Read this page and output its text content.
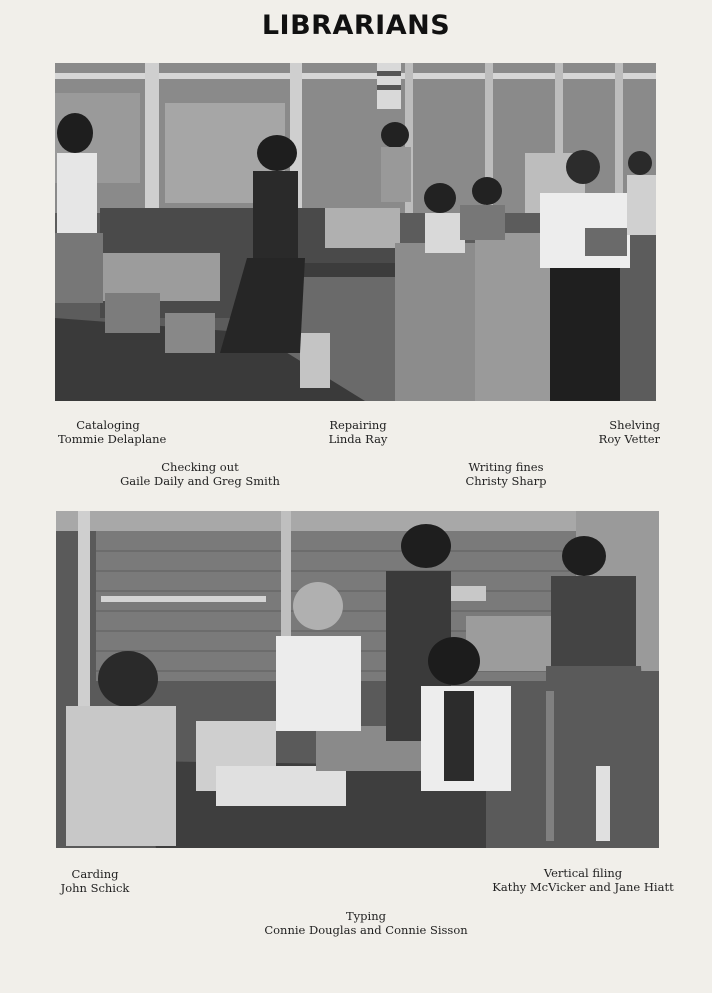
LIBRARIANS
Cataloging
Tommie Delaplane
Repairing
Linda Ray
Shelving
Roy Vetter
Checking out
Gaile Daily and Greg Smith
Writing fines
Christy Sharp
Carding
John Schick
Vertical filing
Kathy McVicker and Jane Hiatt
Typing
Connie Douglas and Connie Sisson
